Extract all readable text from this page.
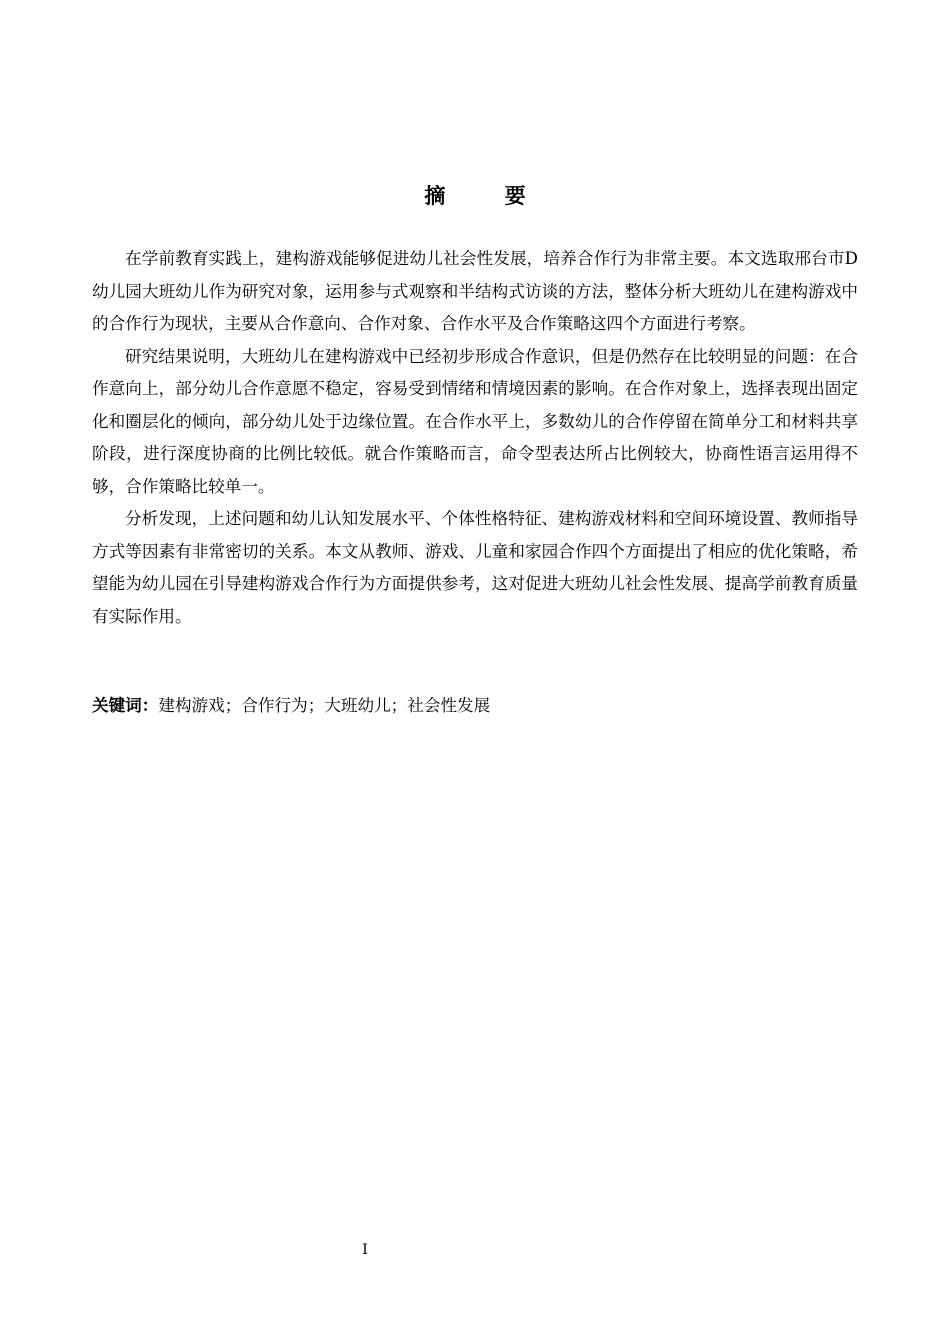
摘 要

在学前教育实践上，建构游戏能够促进幼儿社会性发展，培养合作行为非常主要。本文选取邢台市D幼儿园大班幼儿作为研究对象，运用参与式观察和半结构式访谈的方法，整体分析大班幼儿在建构游戏中的合作行为现状，主要从合作意向、合作对象、合作水平及合作策略这四个方面进行考察。

研究结果说明，大班幼儿在建构游戏中已经初步形成合作意识，但是仍然存在比较明显的问题：在合作意向上，部分幼儿合作意愿不稳定，容易受到情绪和情境因素的影响。在合作对象上，选择表现出固定化和圈层化的倾向，部分幼儿处于边缘位置。在合作水平上，多数幼儿的合作停留在简单分工和材料共享阶段，进行深度协商的比例比较低。就合作策略而言，命令型表达所占比例较大，协商性语言运用得不够，合作策略比较单一。

分析发现，上述问题和幼儿认知发展水平、个体性格特征、建构游戏材料和空间环境设置、教师指导方式等因素有非常密切的关系。本文从教师、游戏、儿童和家园合作四个方面提出了相应的优化策略，希望能为幼儿园在引导建构游戏合作行为方面提供参考，这对促进大班幼儿社会性发展、提高学前教育质量有实际作用。

关键词：建构游戏；合作行为；大班幼儿；社会性发展
I
